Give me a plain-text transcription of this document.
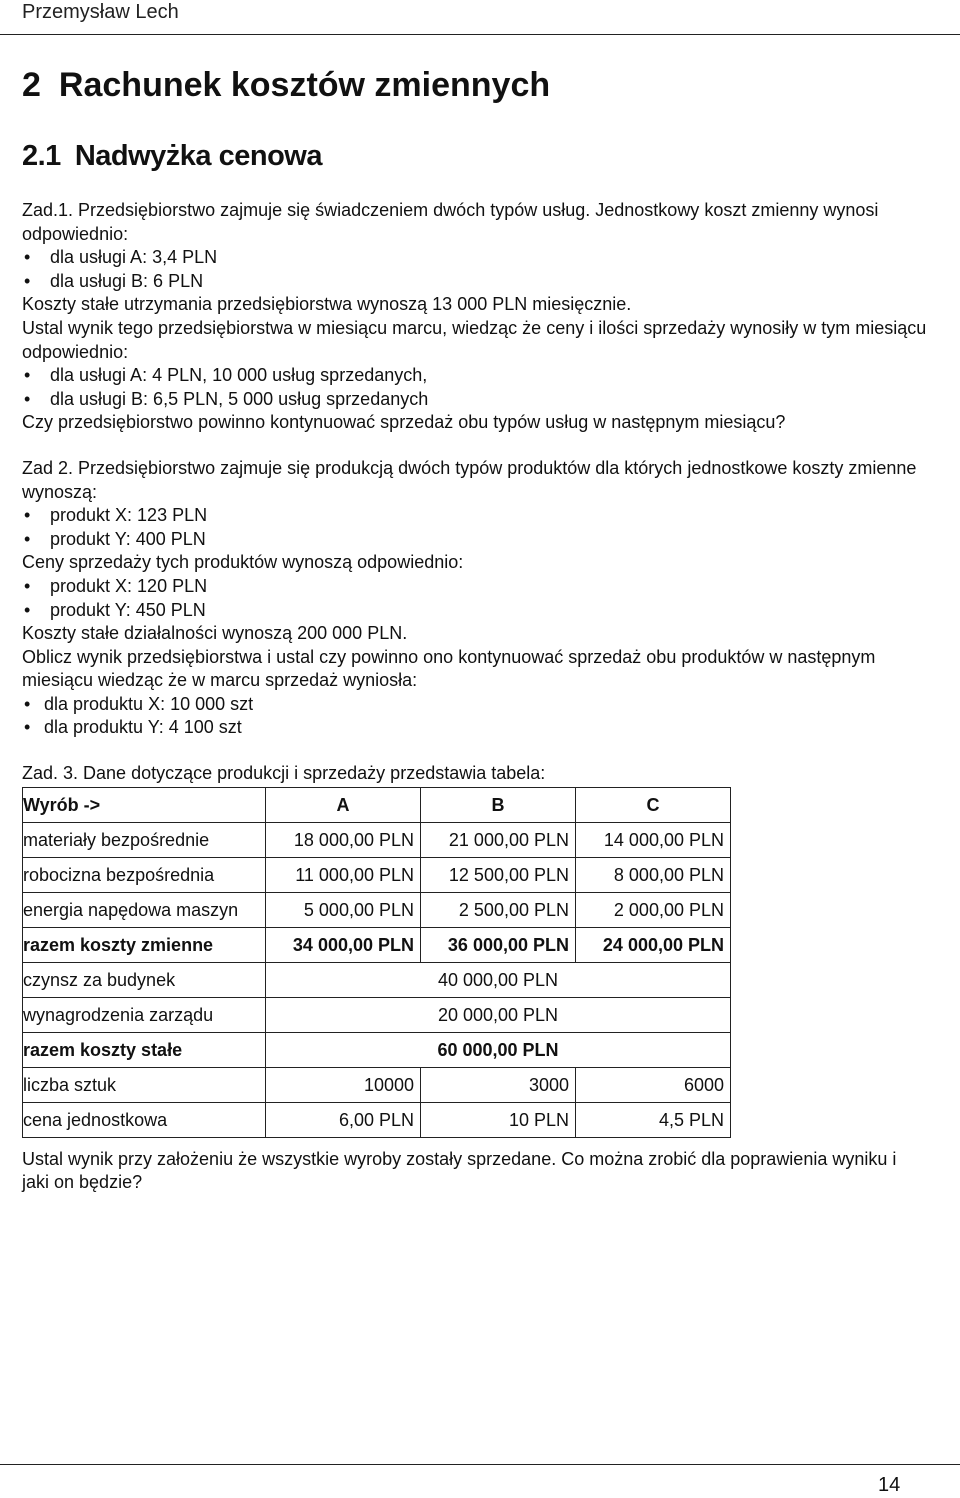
Przemysław Lech
2 Rachunek kosztów zmiennych
2.1 Nadwyżka cenowa

Zad.1. Przedsiębiorstwo zajmuje się świadczeniem dwóch typów usług. Jednostkowy koszt zmienny wynosi odpowiednio:

• dla usługi A: 3,4 PLN
• dla usługi B: 6 PLN

Koszty stałe utrzymania przedsiębiorstwa wynoszą 13 000 PLN miesięcznie.

Ustal wynik tego przedsiębiorstwa w miesiącu marcu, wiedząc że ceny i ilości sprzedaży wynosiły w tym miesiącu odpowiednio:

• dla usługi A: 4 PLN, 10 000 usług sprzedanych,
• dla usługi B: 6,5 PLN, 5 000 usług sprzedanych

Czy przedsiębiorstwo powinno kontynuować sprzedaż obu typów usług w następnym miesiącu?

Zad 2. Przedsiębiorstwo zajmuje się produkcją dwóch typów produktów dla których jednostkowe koszty zmienne wynoszą:

• produkt X: 123 PLN
• produkt Y: 400 PLN

Ceny sprzedaży tych produktów wynoszą odpowiednio:

• produkt X: 120 PLN
• produkt Y: 450 PLN

Koszty stałe działalności wynoszą 200 000 PLN.

Oblicz wynik przedsiębiorstwa i ustal czy powinno ono kontynuować sprzedaż obu produktów w następnym miesiącu wiedząc że w marcu sprzedaż wyniosła:

• dla produktu X: 10 000 szt
• dla produktu Y: 4 100 szt

Zad. 3. Dane dotyczące produkcji i sprzedaży przedstawia tabela:

Wyrób ->	A	B	C
materiały bezpośrednie	18 000,00 PLN	21 000,00 PLN	14 000,00 PLN
robocizna bezpośrednia	11 000,00 PLN	12 500,00 PLN	8 000,00 PLN
energia napędowa maszyn	5 000,00 PLN	2 500,00 PLN	2 000,00 PLN
razem koszty zmienne	34 000,00 PLN	36 000,00 PLN	24 000,00 PLN
czynsz za budynek	40 000,00 PLN		
wynagrodzenia zarządu	20 000,00 PLN		
razem koszty stałe	60 000,00 PLN		
liczba sztuk	10000	3000	6000
cena jednostkowa	6,00 PLN	10 PLN	4,5 PLN

Ustal wynik przy założeniu że wszystkie wyroby zostały sprzedane. Co można zrobić dla poprawienia wyniku i jaki on będzie?

14
